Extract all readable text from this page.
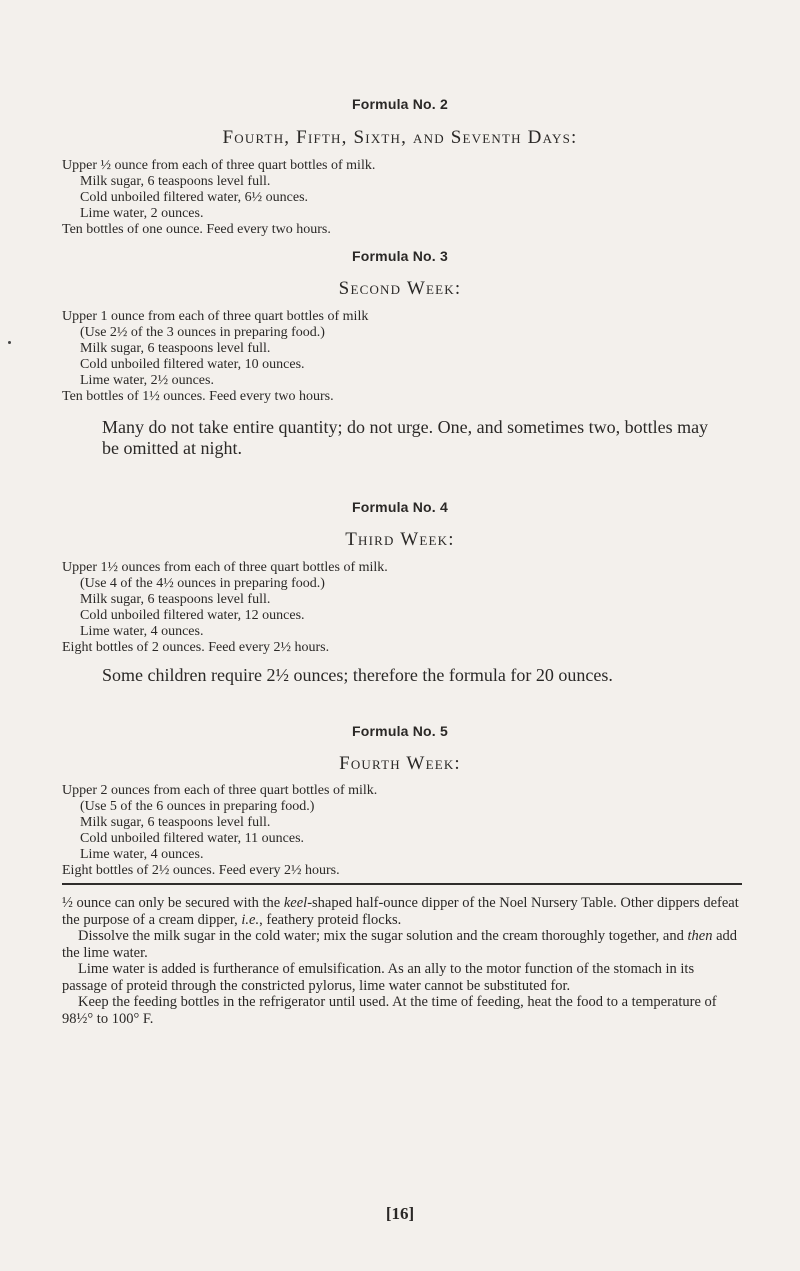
Formula No. 2
Fourth, Fifth, Sixth, and Seventh Days:
Upper ½ ounce from each of three quart bottles of milk.
Milk sugar, 6 teaspoons level full.
Cold unboiled filtered water, 6½ ounces.
Lime water, 2 ounces.
Ten bottles of one ounce. Feed every two hours.
Formula No. 3
Second Week:
Upper 1 ounce from each of three quart bottles of milk
(Use 2½ of the 3 ounces in preparing food.)
Milk sugar, 6 teaspoons level full.
Cold unboiled filtered water, 10 ounces.
Lime water, 2½ ounces.
Ten bottles of 1½ ounces. Feed every two hours.
Many do not take entire quantity; do not urge. One, and sometimes two, bottles may be omitted at night.
Formula No. 4
Third Week:
Upper 1½ ounces from each of three quart bottles of milk.
(Use 4 of the 4½ ounces in preparing food.)
Milk sugar, 6 teaspoons level full.
Cold unboiled filtered water, 12 ounces.
Lime water, 4 ounces.
Eight bottles of 2 ounces. Feed every 2½ hours.
Some children require 2½ ounces; therefore the formula for 20 ounces.
Formula No. 5
Fourth Week:
Upper 2 ounces from each of three quart bottles of milk.
(Use 5 of the 6 ounces in preparing food.)
Milk sugar, 6 teaspoons level full.
Cold unboiled filtered water, 11 ounces.
Lime water, 4 ounces.
Eight bottles of 2½ ounces. Feed every 2½ hours.

½ ounce can only be secured with the keel-shaped half-ounce dipper of the Noel Nursery Table. Other dippers defeat the purpose of a cream dipper, i.e., feathery proteid flocks.

Dissolve the milk sugar in the cold water; mix the sugar solution and the cream thoroughly together, and then add the lime water.

Lime water is added is furtherance of emulsification. As an ally to the motor function of the stomach in its passage of proteid through the constricted pylorus, lime water cannot be substituted for.

Keep the feeding bottles in the refrigerator until used. At the time of feeding, heat the food to a temperature of 98½° to 100° F.

[16]
